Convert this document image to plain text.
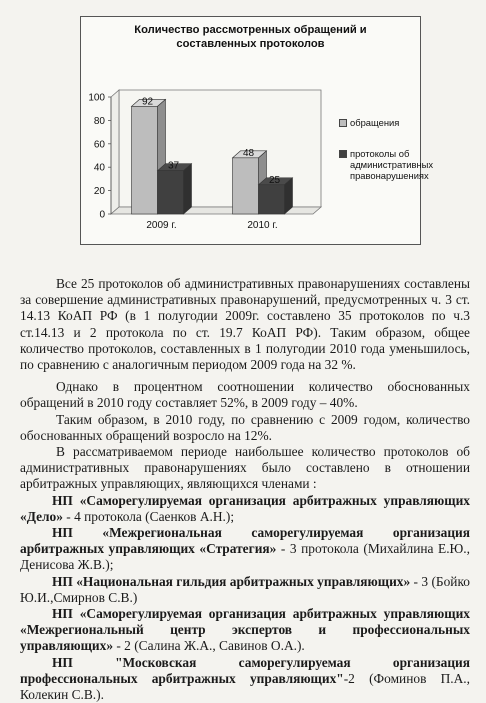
Количество рассмотренных обращений и
составленных протоколов
0
20
40
60
80
100	92
37
2009 г.
48
25
2010 г.
обращения
протоколы об административных правонарушениях

Все 25 протоколов об административных правонарушениях составлены за совершение административных правонарушений, предусмотренных ч. 3 ст. 14.13 КоАП РФ (в 1 полугодии 2009г. составлено 35 протоколов по ч.3 ст.14.13 и 2 протокола по ст. 19.7 КоАП РФ). Таким образом, общее количество протоколов, составленных в 1 полугодии 2010 года уменьшилось, по сравнению с аналогичным периодом 2009 года на 32 %.

Однако в процентном соотношении количество обоснованных обращений в 2010 году составляет 52%, в 2009 году – 40%.

Таким образом, в 2010 году, по сравнению с 2009 годом, количество обоснованных обращений возросло на 12%.

В рассматриваемом периоде наибольшее количество протоколов об административных правонарушениях было составлено в отношении арбитражных управляющих, являющихся членами :

НП «Саморегулируемая организация арбитражных управляющих «Дело» - 4 протокола (Саенков А.Н.);

НП «Межрегиональная саморегулируемая организация арбитражных управляющих «Стратегия» - 3 протокола (Михайлина Е.Ю., Денисова Ж.В.);

НП «Национальная гильдия арбитражных управляющих» - 3 (Бойко Ю.И.,Смирнов С.В.)

НП «Саморегулируемая организация арбитражных управляющих «Межрегиональный центр экспертов и профессиональных управляющих» - 2 (Салина Ж.А., Савинов О.А.).

НП "Московская саморегулируемая организация профессиональных арбитражных управляющих"-2 (Фоминов П.А., Колекин С.В.).
